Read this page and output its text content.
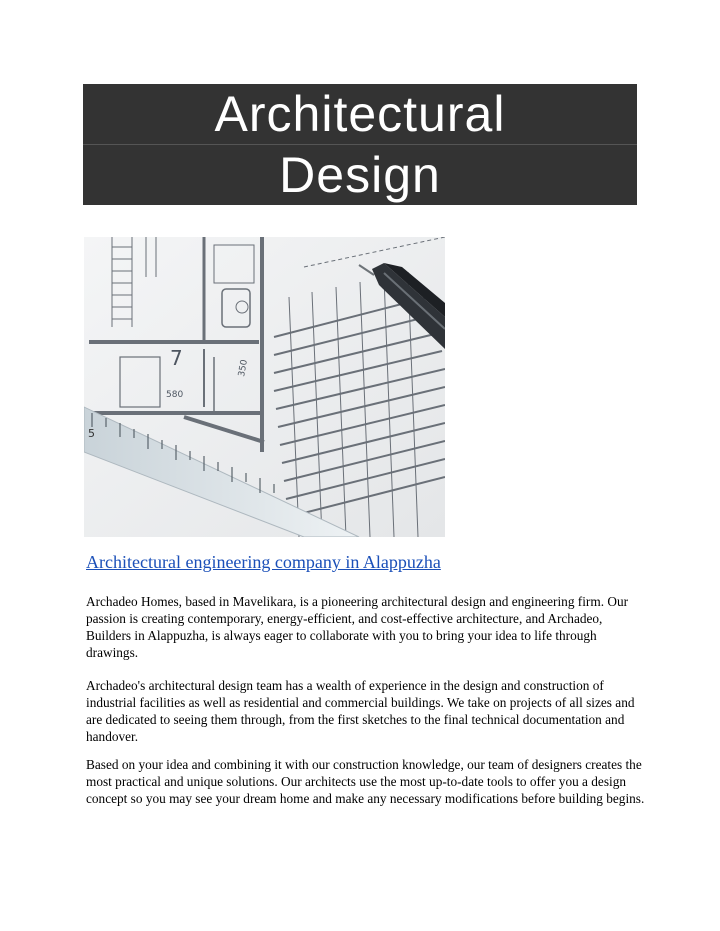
Architectural
Design
7
580
350
5
Architectural engineering company in Alappuzha

Archadeo Homes, based in Mavelikara, is a pioneering architectural design and engineering firm. Our passion is creating contemporary, energy-efficient, and cost-effective architecture, and Archadeo, Builders in Alappuzha, is always eager to collaborate with you to bring your idea to life through drawings.

Archadeo's architectural design team has a wealth of experience in the design and construction of industrial facilities as well as residential and commercial buildings. We take on projects of all sizes and are dedicated to seeing them through, from the first sketches to the final technical documentation and handover.

Based on your idea and combining it with our construction knowledge, our team of designers creates the most practical and unique solutions. Our architects use the most up-to-date tools to offer you a design concept so you may see your dream home and make any necessary modifications before building begins.
